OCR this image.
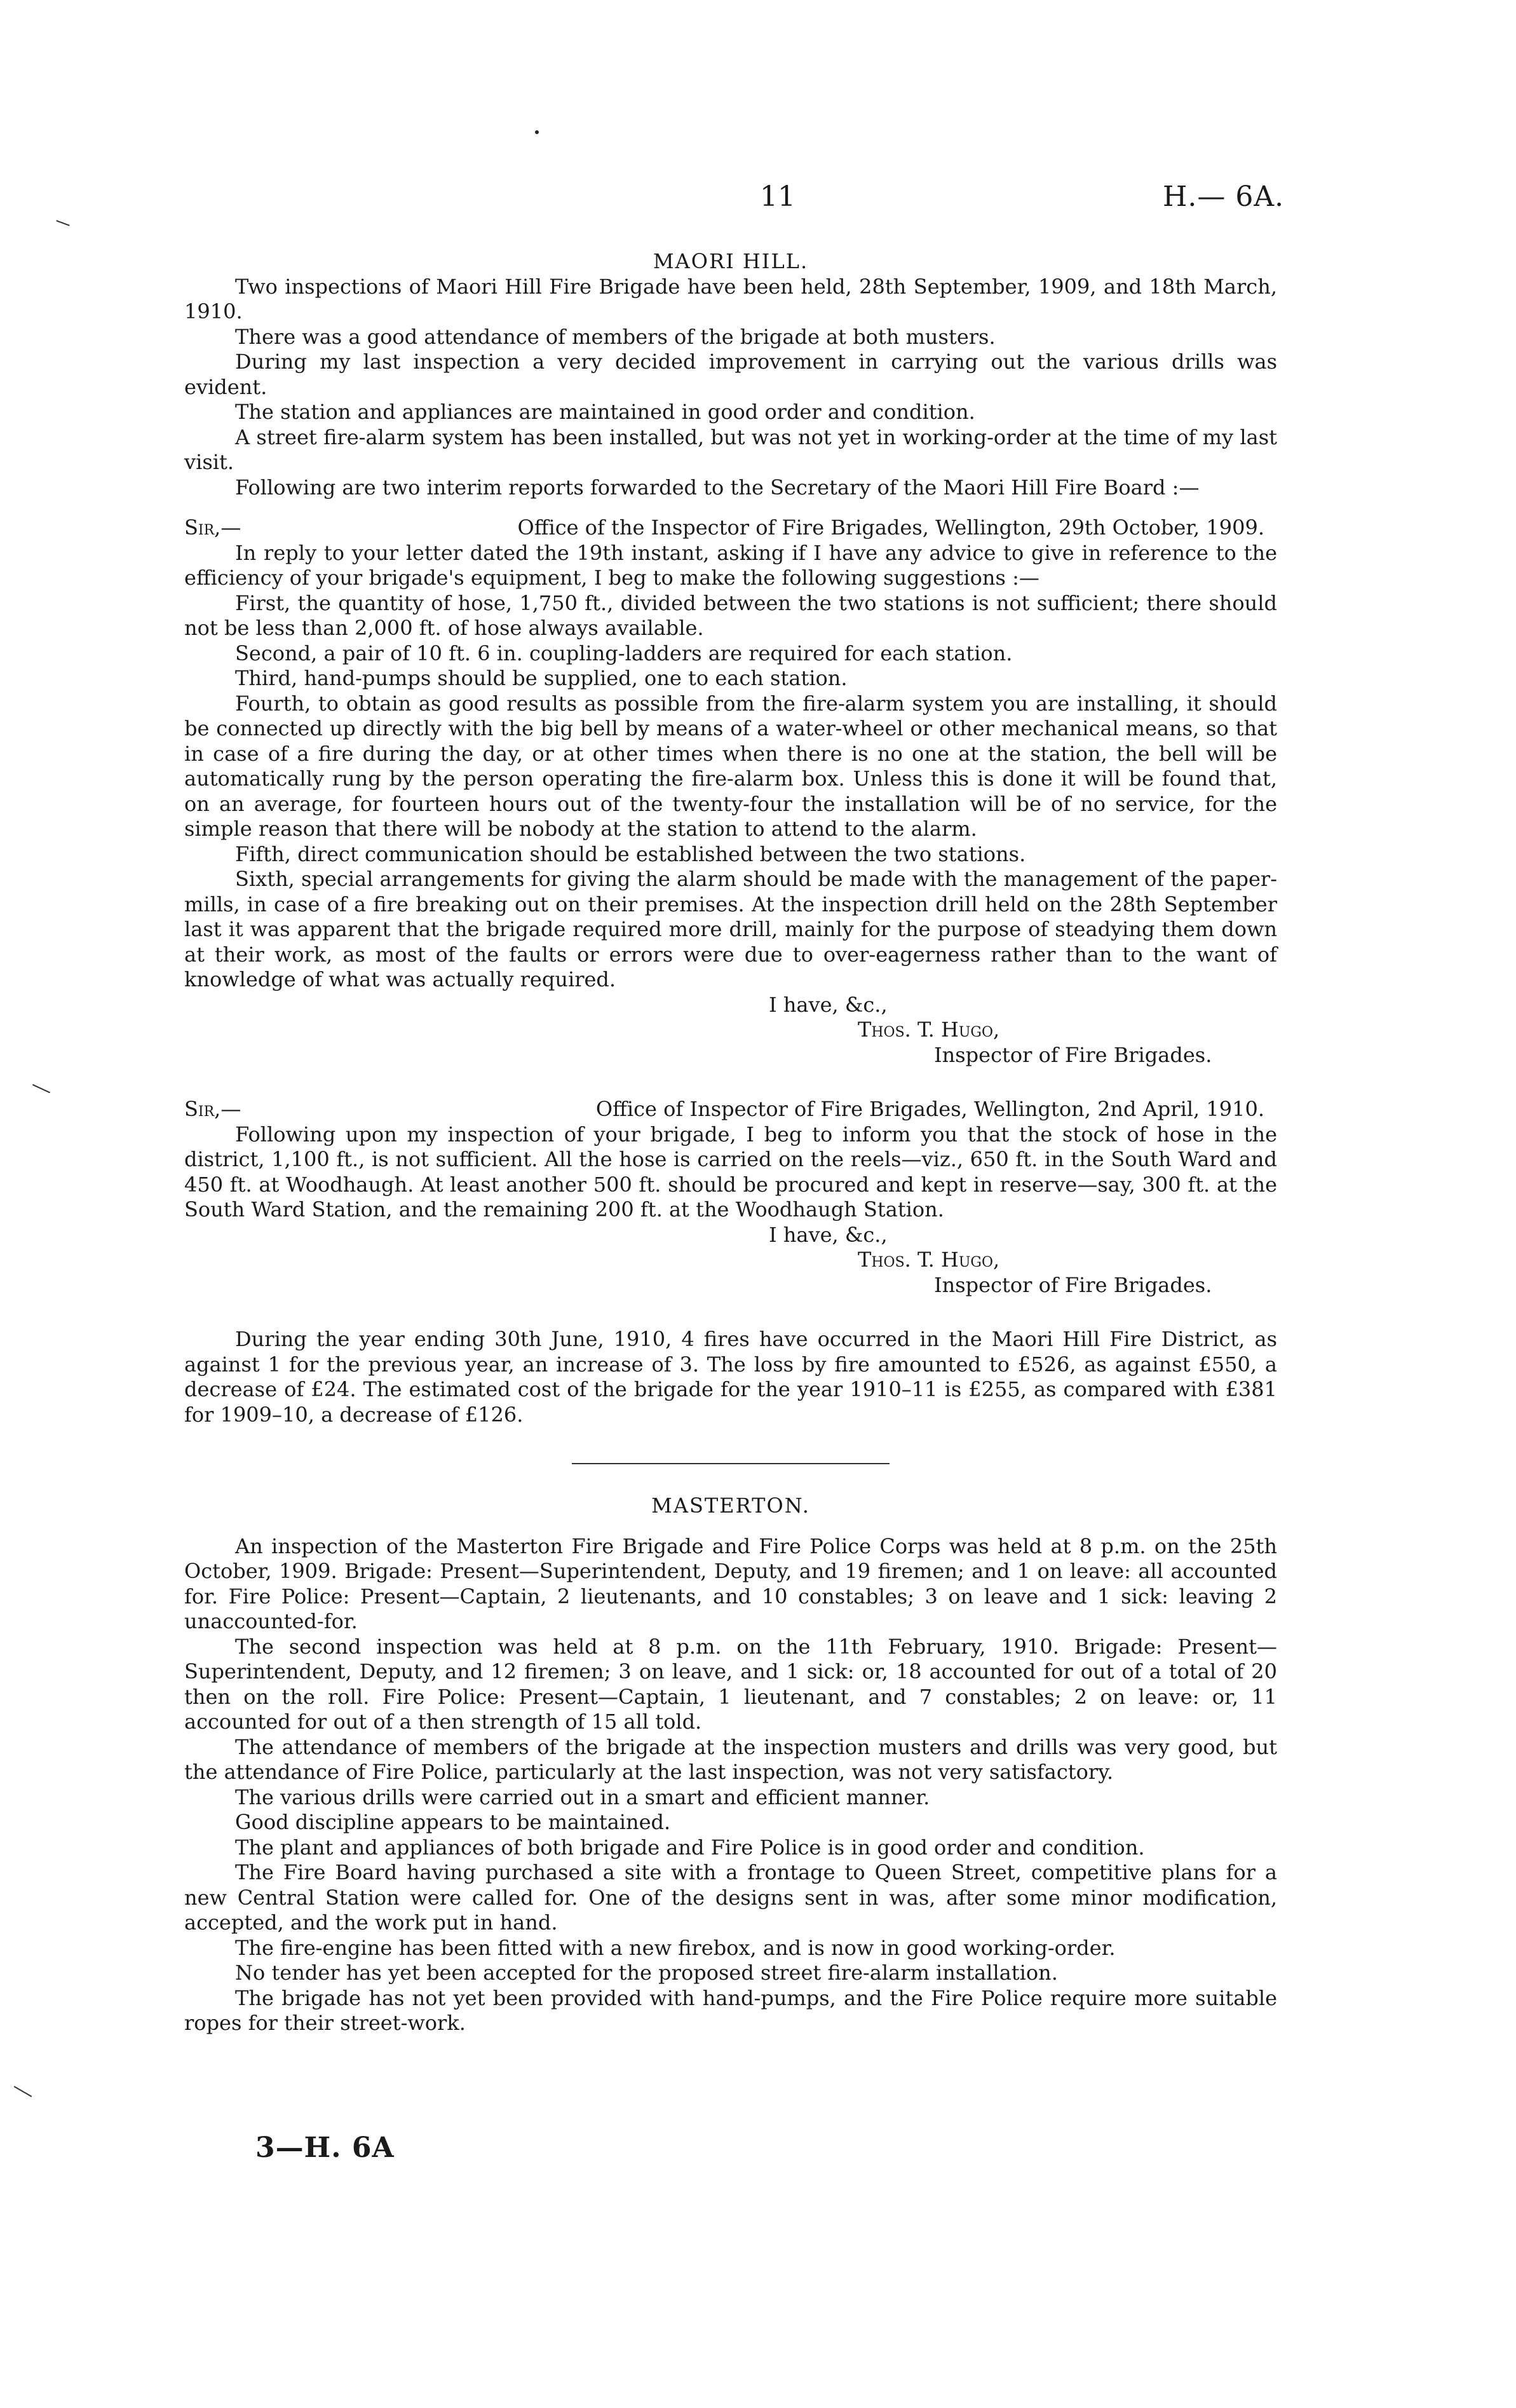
11	H.— 6A.

MAORI HILL.

Two inspections of Maori Hill Fire Brigade have been held, 28th September, 1909, and 18th March, 1910.

There was a good attendance of members of the brigade at both musters.

During my last inspection a very decided improvement in carrying out the various drills was evident.

The station and appliances are maintained in good order and condition.

A street fire-alarm system has been installed, but was not yet in working-order at the time of my last visit.

Following are two interim reports forwarded to the Secretary of the Maori Hill Fire Board :—

Sir,—	Office of the Inspector of Fire Brigades, Wellington, 29th October, 1909.

In reply to your letter dated the 19th instant, asking if I have any advice to give in reference to the efficiency of your brigade's equipment, I beg to make the following suggestions :—

First, the quantity of hose, 1,750 ft., divided between the two stations is not sufficient; there should not be less than 2,000 ft. of hose always available.

Second, a pair of 10 ft. 6 in. coupling-ladders are required for each station.

Third, hand-pumps should be supplied, one to each station.

Fourth, to obtain as good results as possible from the fire-alarm system you are installing, it should be connected up directly with the big bell by means of a water-wheel or other mechanical means, so that in case of a fire during the day, or at other times when there is no one at the station, the bell will be automatically rung by the person operating the fire-alarm box. Unless this is done it will be found that, on an average, for fourteen hours out of the twenty-four the installation will be of no service, for the simple reason that there will be nobody at the station to attend to the alarm.

Fifth, direct communication should be established between the two stations.

Sixth, special arrangements for giving the alarm should be made with the management of the paper-mills, in case of a fire breaking out on their premises. At the inspection drill held on the 28th September last it was apparent that the brigade required more drill, mainly for the purpose of steadying them down at their work, as most of the faults or errors were due to over-eagerness rather than to the want of knowledge of what was actually required.

I have, &c.,

Thos. T. Hugo,

Inspector of Fire Brigades.

Sir,—	Office of Inspector of Fire Brigades, Wellington, 2nd April, 1910.

Following upon my inspection of your brigade, I beg to inform you that the stock of hose in the district, 1,100 ft., is not sufficient. All the hose is carried on the reels—viz., 650 ft. in the South Ward and 450 ft. at Woodhaugh. At least another 500 ft. should be procured and kept in reserve—say, 300 ft. at the South Ward Station, and the remaining 200 ft. at the Woodhaugh Station.

I have, &c.,

Thos. T. Hugo,

Inspector of Fire Brigades.

During the year ending 30th June, 1910, 4 fires have occurred in the Maori Hill Fire District, as against 1 for the previous year, an increase of 3. The loss by fire amounted to £526, as against £550, a decrease of £24. The estimated cost of the brigade for the year 1910–11 is £255, as compared with £381 for 1909–10, a decrease of £126.

MASTERTON.

An inspection of the Masterton Fire Brigade and Fire Police Corps was held at 8 p.m. on the 25th October, 1909. Brigade: Present—Superintendent, Deputy, and 19 firemen; and 1 on leave: all accounted for. Fire Police: Present—Captain, 2 lieutenants, and 10 constables; 3 on leave and 1 sick: leaving 2 unaccounted-for.

The second inspection was held at 8 p.m. on the 11th February, 1910. Brigade: Present—Superintendent, Deputy, and 12 firemen; 3 on leave, and 1 sick: or, 18 accounted for out of a total of 20 then on the roll. Fire Police: Present—Captain, 1 lieutenant, and 7 constables; 2 on leave: or, 11 accounted for out of a then strength of 15 all told.

The attendance of members of the brigade at the inspection musters and drills was very good, but the attendance of Fire Police, particularly at the last inspection, was not very satisfactory.

The various drills were carried out in a smart and efficient manner.

Good discipline appears to be maintained.

The plant and appliances of both brigade and Fire Police is in good order and condition.

The Fire Board having purchased a site with a frontage to Queen Street, competitive plans for a new Central Station were called for. One of the designs sent in was, after some minor modification, accepted, and the work put in hand.

The fire-engine has been fitted with a new firebox, and is now in good working-order.

No tender has yet been accepted for the proposed street fire-alarm installation.

The brigade has not yet been provided with hand-pumps, and the Fire Police require more suitable ropes for their street-work.

3—H. 6A
